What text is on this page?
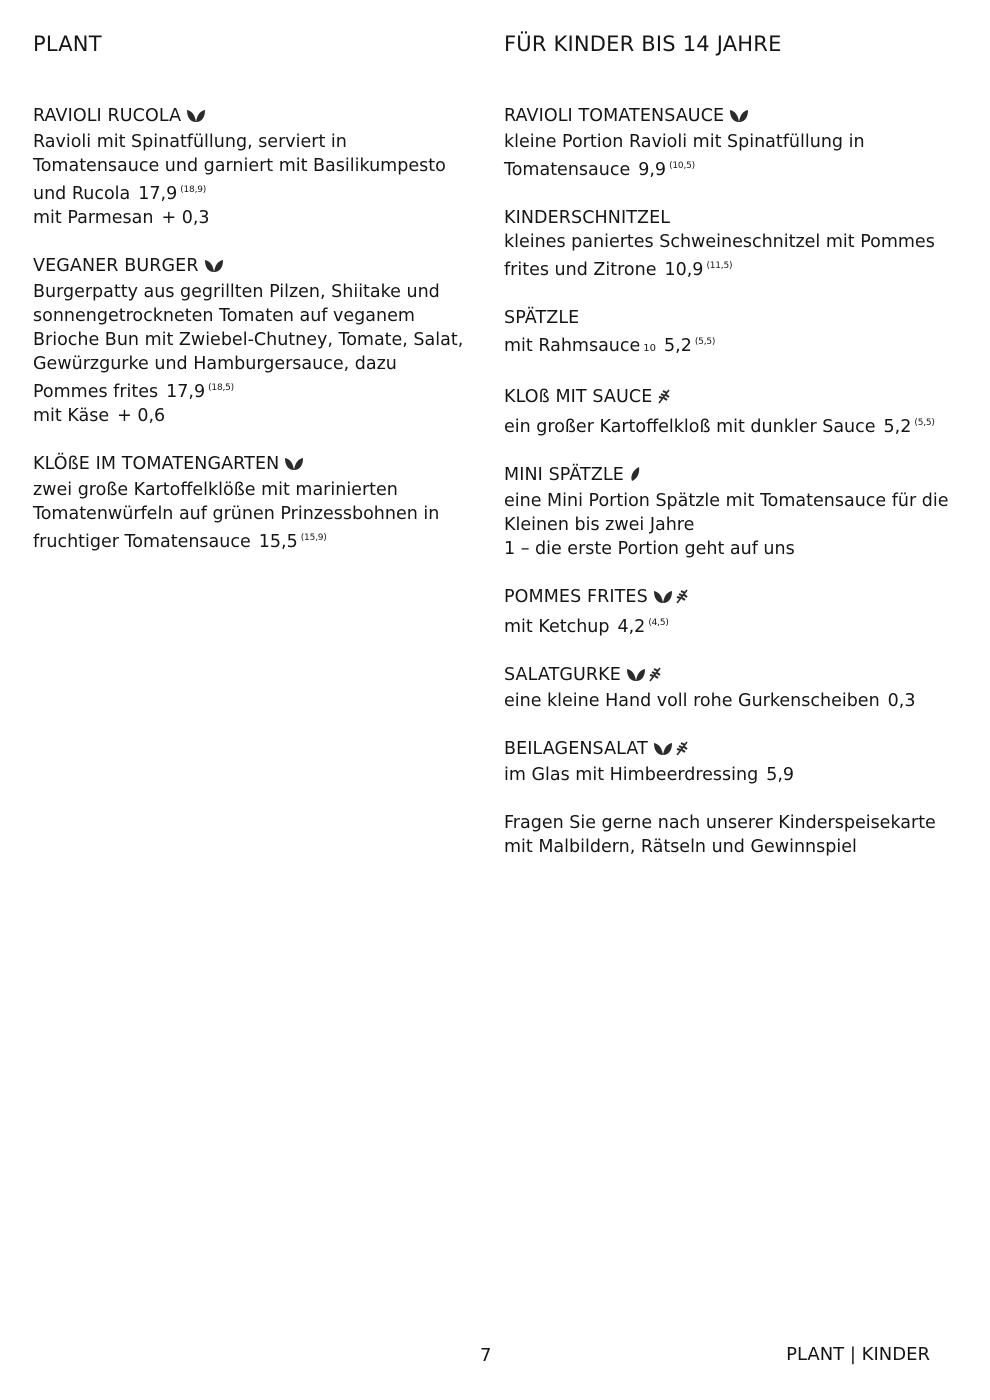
PLANT
RAVIOLI RUCOLA
Ravioli mit Spinatfüllung, serviert in Tomatensauce und garniert mit Basilikumpesto und Rucola 17,9 $^{(18,9)}$
mit Parmesan + 0,3
VEGANER BURGER
Burgerpatty aus gegrillten Pilzen, Shiitake und sonnengetrockneten Tomaten auf veganem Brioche Bun mit Zwiebel-Chutney, Tomate, Salat, Gewürzgurke und Hamburgersauce, dazu Pommes frites 17,9 $^{(18,5)}$
mit Käse + 0,6
KLÖßE IM TOMATENGARTEN
zwei große Kartoffelklöße mit marinierten Tomatenwürfeln auf grünen Prinzessbohnen in fruchtiger Tomatensauce 15,5 $^{(15,9)}$
FÜR KINDER BIS 14 JAHRE
RAVIOLI TOMATENSAUCE
kleine Portion Ravioli mit Spinatfüllung in Tomatensauce 9,9 $^{(10,5)}$
KINDERSCHNITZEL
kleines paniertes Schweineschnitzel mit Pommes frites und Zitrone 10,9 $^{(11,5)}$
SPÄTZLE
mit Rahmsauce 10 5,2 $^{(5,5)}$
KLOß MIT SAUCE
ein großer Kartoffelkloß mit dunkler Sauce 5,2 $^{(5,5)}$
MINI SPÄTZLE
eine Mini Portion Spätzle mit Tomatensauce für die Kleinen bis zwei Jahre
1 – die erste Portion geht auf uns
POMMES FRITES
mit Ketchup 4,2 $^{(4,5)}$
SALATGURKE
eine kleine Hand voll rohe Gurkenscheiben 0,3
BEILAGENSALAT
im Glas mit Himbeerdressing 5,9
Fragen Sie gerne nach unserer Kinderspeisekarte mit Malbildern, Rätseln und Gewinnspiel
7	PLANT | KINDER
